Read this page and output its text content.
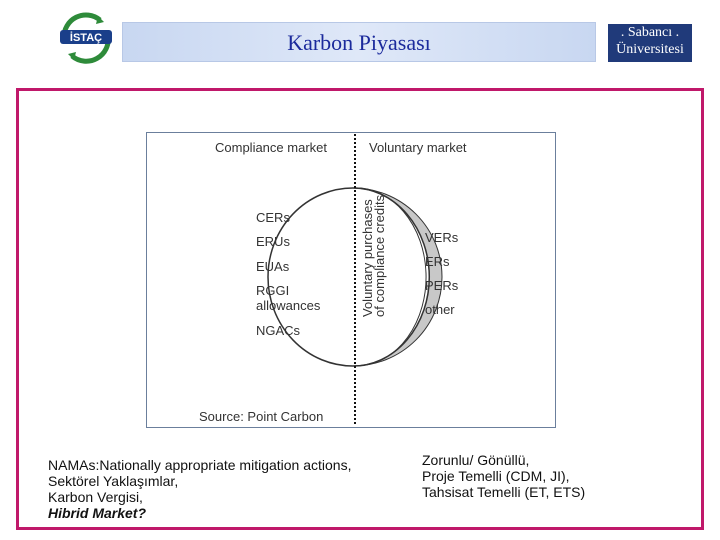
İSTAÇ	Karbon Piyasası	. Sabancı .
Üniversitesi
Compliance market	Voluntary market
CERs
ERUs
EUAs
RGGI
allowances
NGACs
VERs
ERs
PERs
other
Voluntary purchases
of compliance credits
Source: Point Carbon
NAMAs:Nationally appropriate mitigation actions,
Sektörel Yaklaşımlar,
Karbon Vergisi,
Hibrid Market?
Zorunlu/ Gönüllü,
Proje Temelli (CDM, JI),
Tahsisat Temelli (ET, ETS)
